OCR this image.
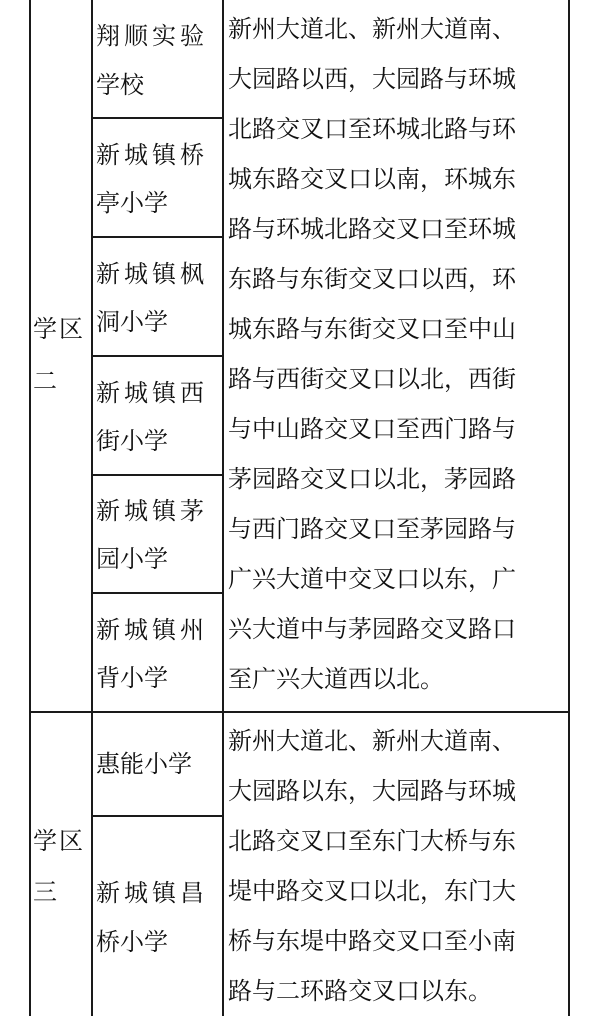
学区
二
翔顺实验
学校
新城镇桥
亭小学
新城镇枫
洞小学
新城镇西
街小学
新城镇茅
园小学
新城镇州
背小学
新州大道北、新州大道南、
大园路以西，大园路与环城
北路交叉口至环城北路与环
城东路交叉口以南，环城东
路与环城北路交叉口至环城
东路与东街交叉口以西，环
城东路与东街交叉口至中山
路与西街交叉口以北，西街
与中山路交叉口至西门路与
茅园路交叉口以北，茅园路
与西门路交叉口至茅园路与
广兴大道中交叉口以东，广
兴大道中与茅园路交叉路口
至广兴大道西以北。
学区
三
惠能小学
新城镇昌
桥小学
新州大道北、新州大道南、
大园路以东，大园路与环城
北路交叉口至东门大桥与东
堤中路交叉口以北，东门大
桥与东堤中路交叉口至小南
路与二环路交叉口以东。
